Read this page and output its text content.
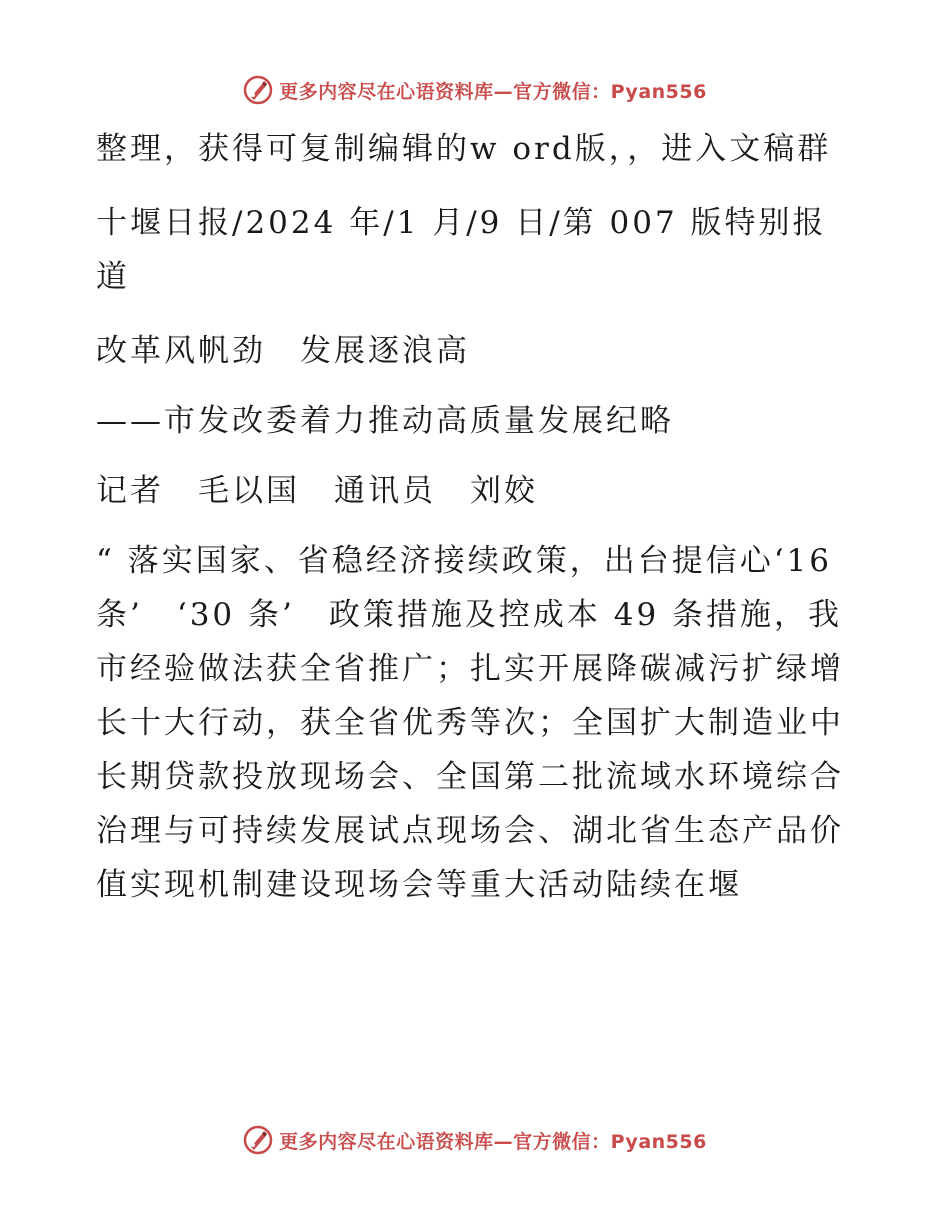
更多内容尽在心语资料库—官方微信：Pyan556

整理，获得可复制编辑的w ord版，，进入文稿群

十堰日报/2024 年/1 月/9 日/第 007 版特别报道

改革风帆劲　发展逐浪高

——市发改委着力推动高质量发展纪略

记者　毛以国　通讯员　刘姣

“ 落实国家、省稳经济接续政策，出台提信心‘16 条’　‘30 条’　政策措施及控成本 49 条措施，我市经验做法获全省推广；扎实开展降碳减污扩绿增长十大行动，获全省优秀等次；全国扩大制造业中长期贷款投放现场会、全国第二批流域水环境综合治理与可持续发展试点现场会、湖北省生态产品价值实现机制建设现场会等重大活动陆续在堰

更多内容尽在心语资料库—官方微信：Pyan556
